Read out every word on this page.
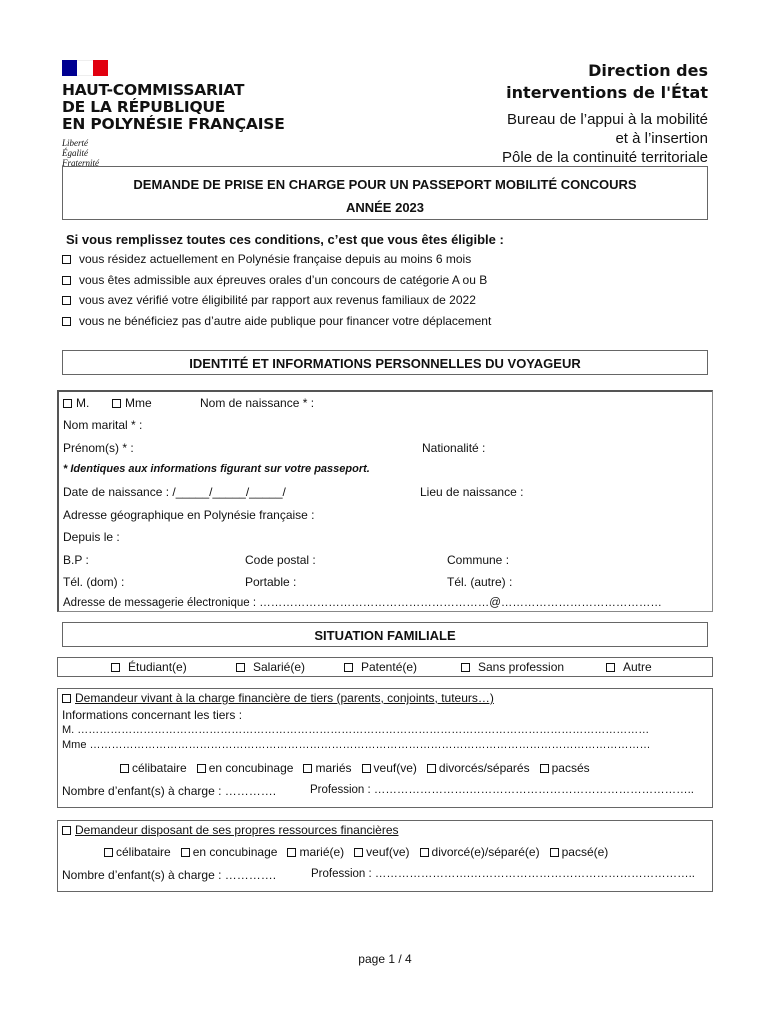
HAUT-COMMISSARIAT
DE LA RÉPUBLIQUE
EN POLYNÉSIE FRANÇAISE
Liberté
Égalité
Fraternité
Direction des
interventions de l'État
Bureau de l’appui à la mobilité
et à l’insertion
Pôle de la continuité territoriale
DEMANDE DE PRISE EN CHARGE POUR UN PASSEPORT MOBILITÉ CONCOURS
ANNÉE 2023
Si vous remplissez toutes ces conditions, c’est que vous êtes éligible :
vous résidez actuellement en Polynésie française depuis au moins 6 mois
vous êtes admissible aux épreuves orales d’un concours de catégorie A ou B
vous avez vérifié votre éligibilité par rapport aux revenus familiaux de 2022
vous ne bénéficiez pas d’autre aide publique pour financer votre déplacement
IDENTITÉ ET INFORMATIONS PERSONNELLES DU VOYAGEUR
M.	Mme	Nom de naissance * :
Nom marital * :
Prénom(s) * :	Nationalité :
* Identiques aux informations figurant sur votre passeport.
Date de naissance : /_____/_____/_____/	Lieu de naissance :
Adresse géographique en Polynésie française :
Depuis le :
B.P :	Code postal :	Commune :
Tél. (dom) :	Portable :	Tél. (autre) :
Adresse de messagerie électronique : ……………………………………………………@……………………………………
SITUATION FAMILIALE
Étudiant(e)	Salarié(e)	Patenté(e)	Sans profession	Autre
Demandeur vivant à la charge financière de tiers (parents, conjoints, tuteurs…)
Informations concernant les tiers :
M. …………………………………………………………………………………………………………………………………………
Mme ………………………………………………………………………………………………………………………………………
célibataire en concubinage mariés veuf(ve) divorcés/séparés pacsés
Nombre d’enfant(s) à charge : ………….	Profession : …………………….…………………………………………………..
Demandeur disposant de ses propres ressources financières
célibataire en concubinage marié(e) veuf(ve) divorcé(e)/séparé(e) pacsé(e)
Nombre d’enfant(s) à charge : ………….	Profession : …………………….…………………………………………………..
page 1 / 4
